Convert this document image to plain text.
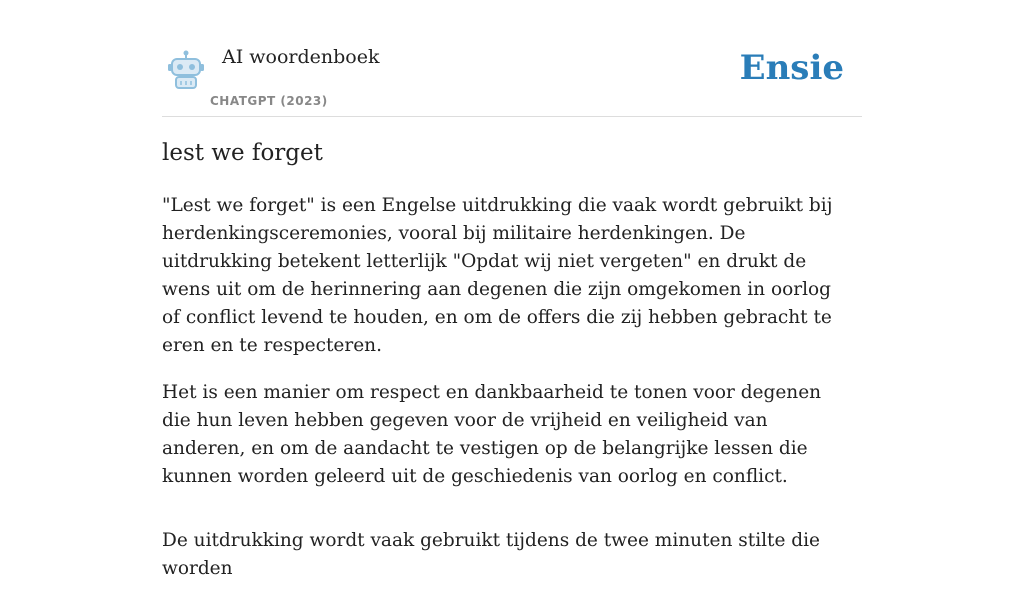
AI woordenboek
CHATGPT (2023)
Ensie
lest we forget

"Lest we forget" is een Engelse uitdrukking die vaak wordt gebruikt bij herdenkingsceremonies, vooral bij militaire herdenkingen. De uitdrukking betekent letterlijk "Opdat wij niet vergeten" en drukt de wens uit om de herinnering aan degenen die zijn omgekomen in oorlog of conflict levend te houden, en om de offers die zij hebben gebracht te eren en te respecteren.

Het is een manier om respect en dankbaarheid te tonen voor degenen die hun leven hebben gegeven voor de vrijheid en veiligheid van anderen, en om de aandacht te vestigen op de belangrijke lessen die kunnen worden geleerd uit de geschiedenis van oorlog en conflict.

De uitdrukking wordt vaak gebruikt tijdens de twee minuten stilte die worden
